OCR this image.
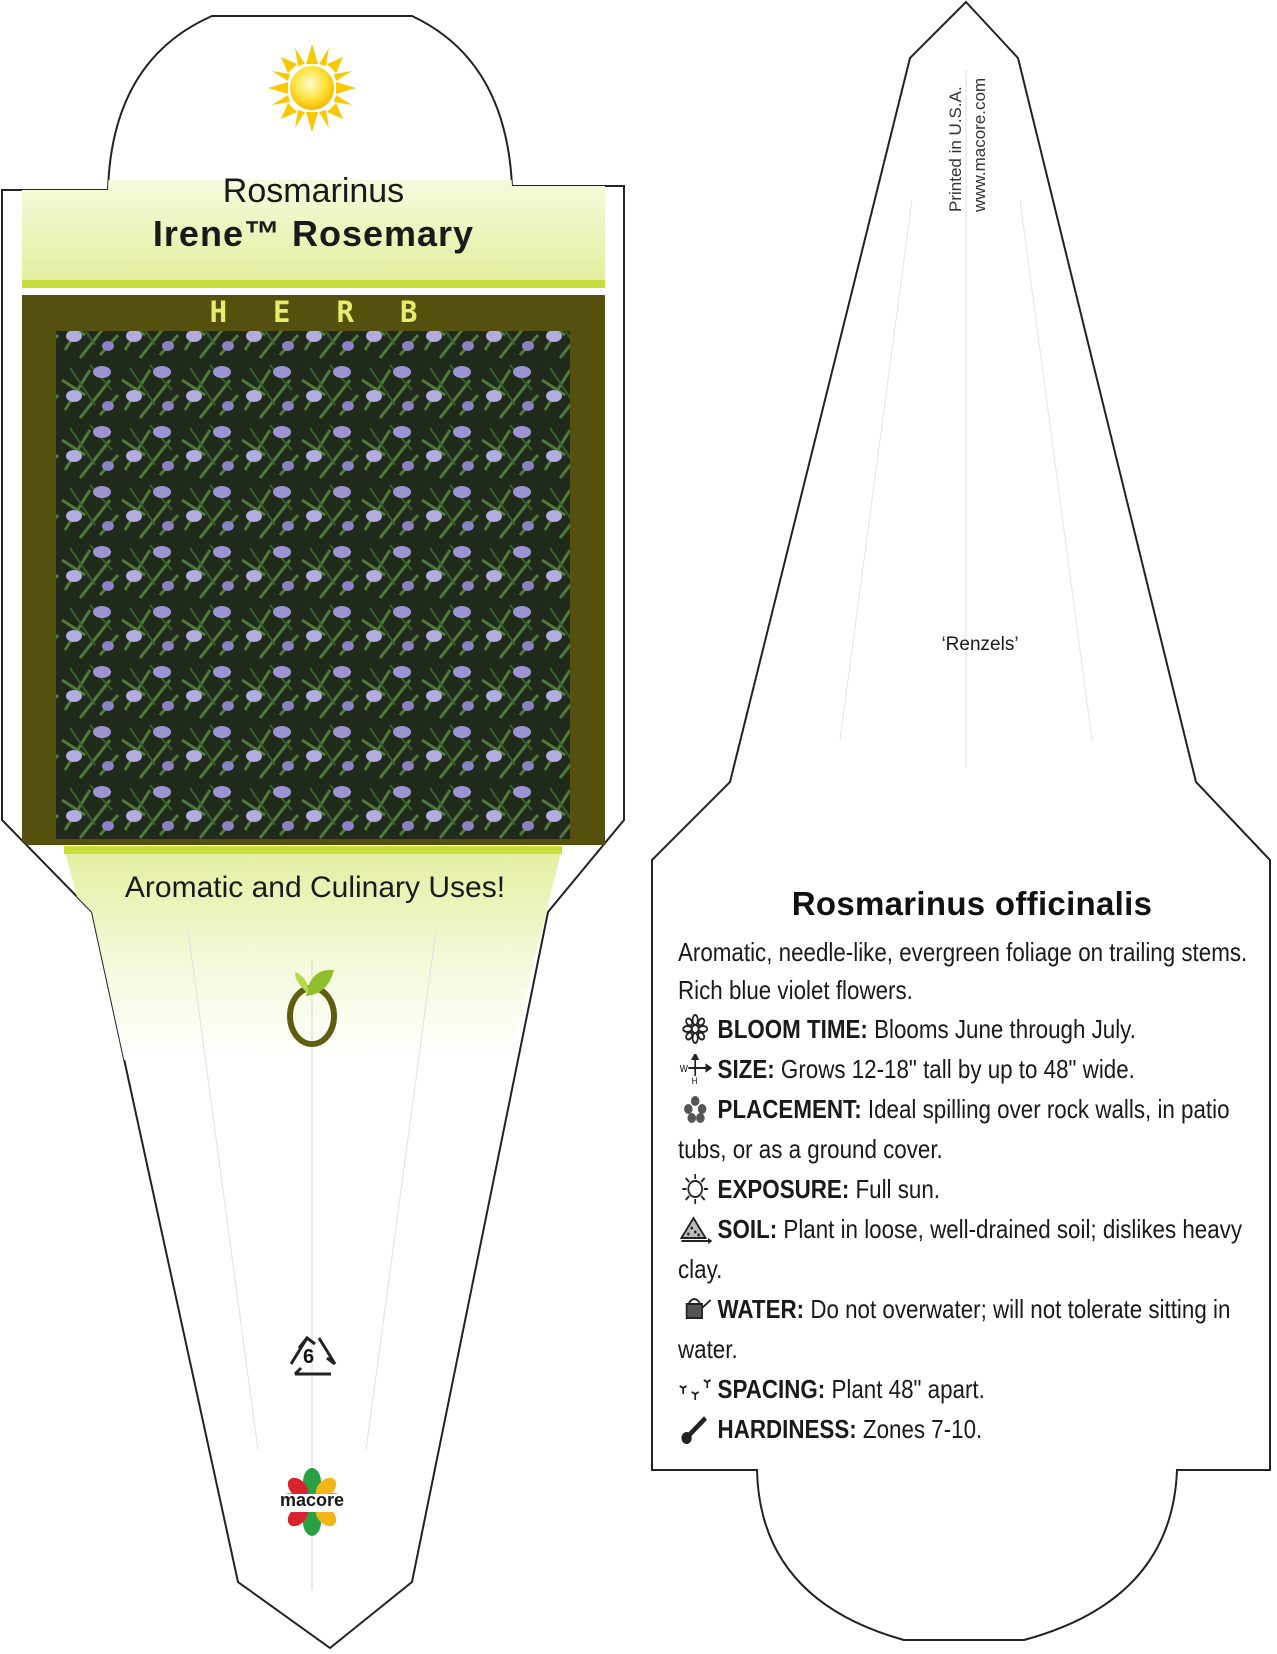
Rosmarinus

Irene™ Rosemary

HERB

Aromatic and Culinary Uses!

6

macore

Printed in U.S.A. www.macore.com

‘Renzels’

Rosmarinus officinalis

Aromatic, needle-like, evergreen foliage on trailing stems. Rich blue violet flowers.

BLOOM TIME: Blooms June through July.
W
H SIZE: Grows 12-18" tall by up to 48" wide.
PLACEMENT: Ideal spilling over rock walls, in patio tubs, or as a ground cover.
EXPOSURE: Full sun.
SOIL: Plant in loose, well-drained soil; dislikes heavy clay.
WATER: Do not overwater; will not tolerate sitting in water.
SPACING: Plant 48" apart.
HARDINESS: Zones 7-10.
